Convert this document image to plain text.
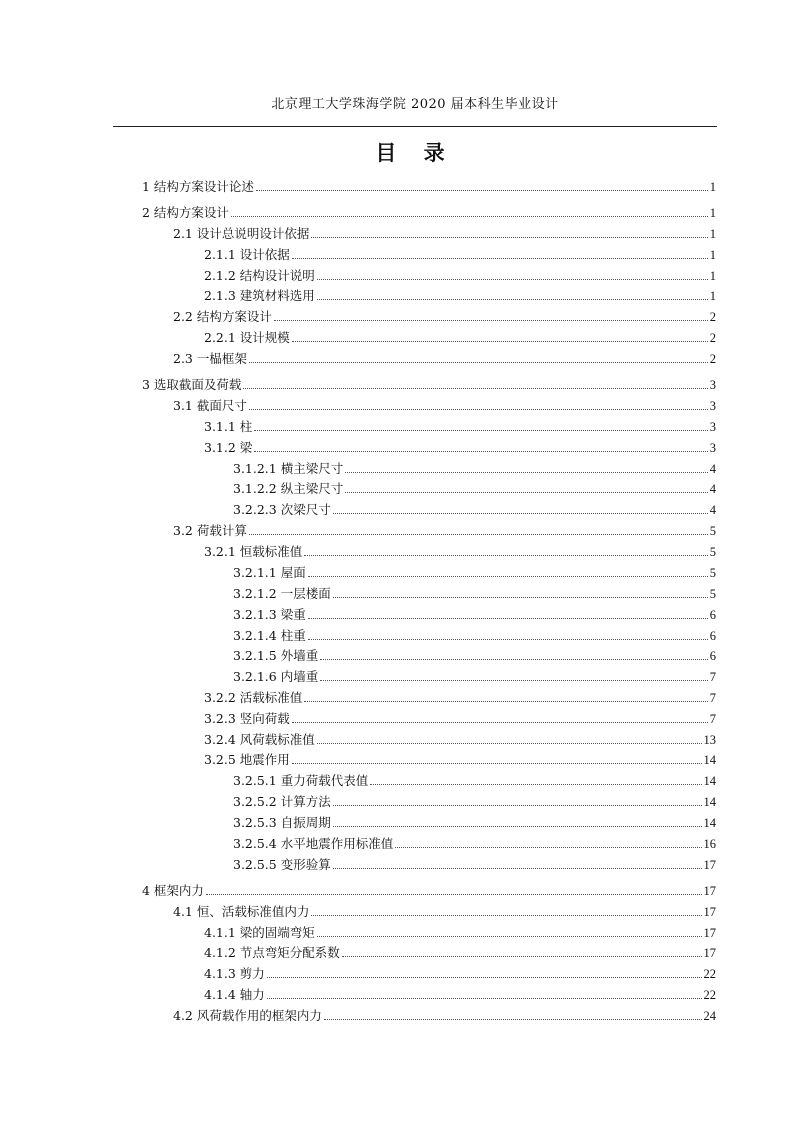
北京理工大学珠海学院 2020 届本科生毕业设计
目 录
1 结构方案设计论述	1
2 结构方案设计	1
2.1 设计总说明设计依据	1
2.1.1 设计依据	1
2.1.2 结构设计说明	1
2.1.3 建筑材料选用	1
2.2 结构方案设计	2
2.2.1 设计规模	2
2.3 一榀框架	2
3 选取截面及荷载	3
3.1 截面尺寸	3
3.1.1 柱	3
3.1.2 梁	3
3.1.2.1 横主梁尺寸	4
3.1.2.2 纵主梁尺寸	4
3.2.2.3 次梁尺寸	4
3.2 荷载计算	5
3.2.1 恒载标准值	5
3.2.1.1 屋面	5
3.2.1.2 一层楼面	5
3.2.1.3 梁重	6
3.2.1.4 柱重	6
3.2.1.5 外墙重	6
3.2.1.6 内墙重	7
3.2.2 活载标准值	7
3.2.3 竖向荷载	7
3.2.4 风荷载标准值	13
3.2.5 地震作用	14
3.2.5.1 重力荷载代表值	14
3.2.5.2 计算方法	14
3.2.5.3 自振周期	14
3.2.5.4 水平地震作用标准值	16
3.2.5.5 变形验算	17
4 框架内力	17
4.1 恒、活载标准值内力	17
4.1.1 梁的固端弯矩	17
4.1.2 节点弯矩分配系数	17
4.1.3 剪力	22
4.1.4 轴力	22
4.2 风荷载作用的框架内力	24
